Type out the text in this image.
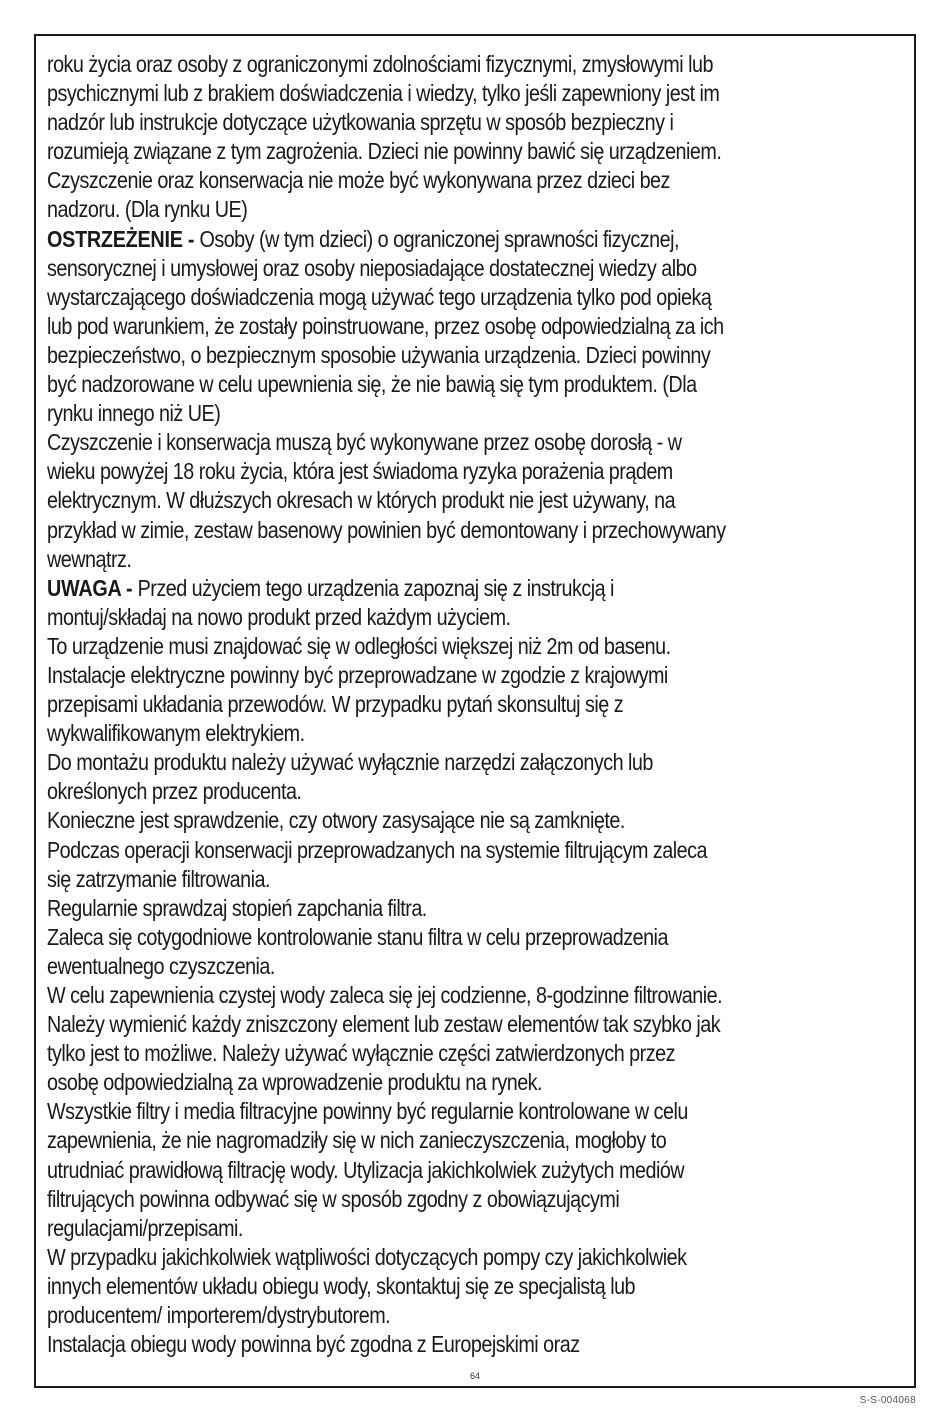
roku życia oraz osoby z ograniczonymi zdolnościami fizycznymi, zmysłowymi lub
psychicznymi lub z brakiem doświadczenia i wiedzy, tylko jeśli zapewniony jest im
nadzór lub instrukcje dotyczące użytkowania sprzętu w sposób bezpieczny i
rozumieją związane z tym zagrożenia. Dzieci nie powinny bawić się urządzeniem.
Czyszczenie oraz konserwacja nie może być wykonywana przez dzieci bez
nadzoru. (Dla rynku UE)
OSTRZEŻENIE - Osoby (w tym dzieci) o ograniczonej sprawności fizycznej,
sensorycznej i umysłowej oraz osoby nieposiadające dostatecznej wiedzy albo
wystarczającego doświadczenia mogą używać tego urządzenia tylko pod opieką
lub pod warunkiem, że zostały poinstruowane, przez osobę odpowiedzialną za ich
bezpieczeństwo, o bezpiecznym sposobie używania urządzenia. Dzieci powinny
być nadzorowane w celu upewnienia się, że nie bawią się tym produktem. (Dla
rynku innego niż UE)
Czyszczenie i konserwacja muszą być wykonywane przez osobę dorosłą - w
wieku powyżej 18 roku życia, która jest świadoma ryzyka porażenia prądem
elektrycznym. W dłuższych okresach w których produkt nie jest używany, na
przykład w zimie, zestaw basenowy powinien być demontowany i przechowywany
wewnątrz.
UWAGA - Przed użyciem tego urządzenia zapoznaj się z instrukcją i
montuj/składaj na nowo produkt przed każdym użyciem.
To urządzenie musi znajdować się w odległości większej niż 2m od basenu.
Instalacje elektryczne powinny być przeprowadzane w zgodzie z krajowymi
przepisami układania przewodów. W przypadku pytań skonsultuj się z
wykwalifikowanym elektrykiem.
Do montażu produktu należy używać wyłącznie narzędzi załączonych lub
określonych przez producenta.
Konieczne jest sprawdzenie, czy otwory zasysające nie są zamknięte.
Podczas operacji konserwacji przeprowadzanych na systemie filtrującym zaleca
się zatrzymanie filtrowania.
Regularnie sprawdzaj stopień zapchania filtra.
Zaleca się cotygodniowe kontrolowanie stanu filtra w celu przeprowadzenia
ewentualnego czyszczenia.
W celu zapewnienia czystej wody zaleca się jej codzienne, 8-godzinne filtrowanie.
Należy wymienić każdy zniszczony element lub zestaw elementów tak szybko jak
tylko jest to możliwe. Należy używać wyłącznie części zatwierdzonych przez
osobę odpowiedzialną za wprowadzenie produktu na rynek.
Wszystkie filtry i media filtracyjne powinny być regularnie kontrolowane w celu
zapewnienia, że nie nagromadziły się w nich zanieczyszczenia, mogłoby to
utrudniać prawidłową filtrację wody. Utylizacja jakichkolwiek zużytych mediów
filtrujących powinna odbywać się w sposób zgodny z obowiązującymi
regulacjami/przepisami.
W przypadku jakichkolwiek wątpliwości dotyczących pompy czy jakichkolwiek
innych elementów układu obiegu wody, skontaktuj się ze specjalistą lub
producentem/ importerem/dystrybutorem.
Instalacja obiegu wody powinna być zgodna z Europejskimi oraz
64
S-S-004068
